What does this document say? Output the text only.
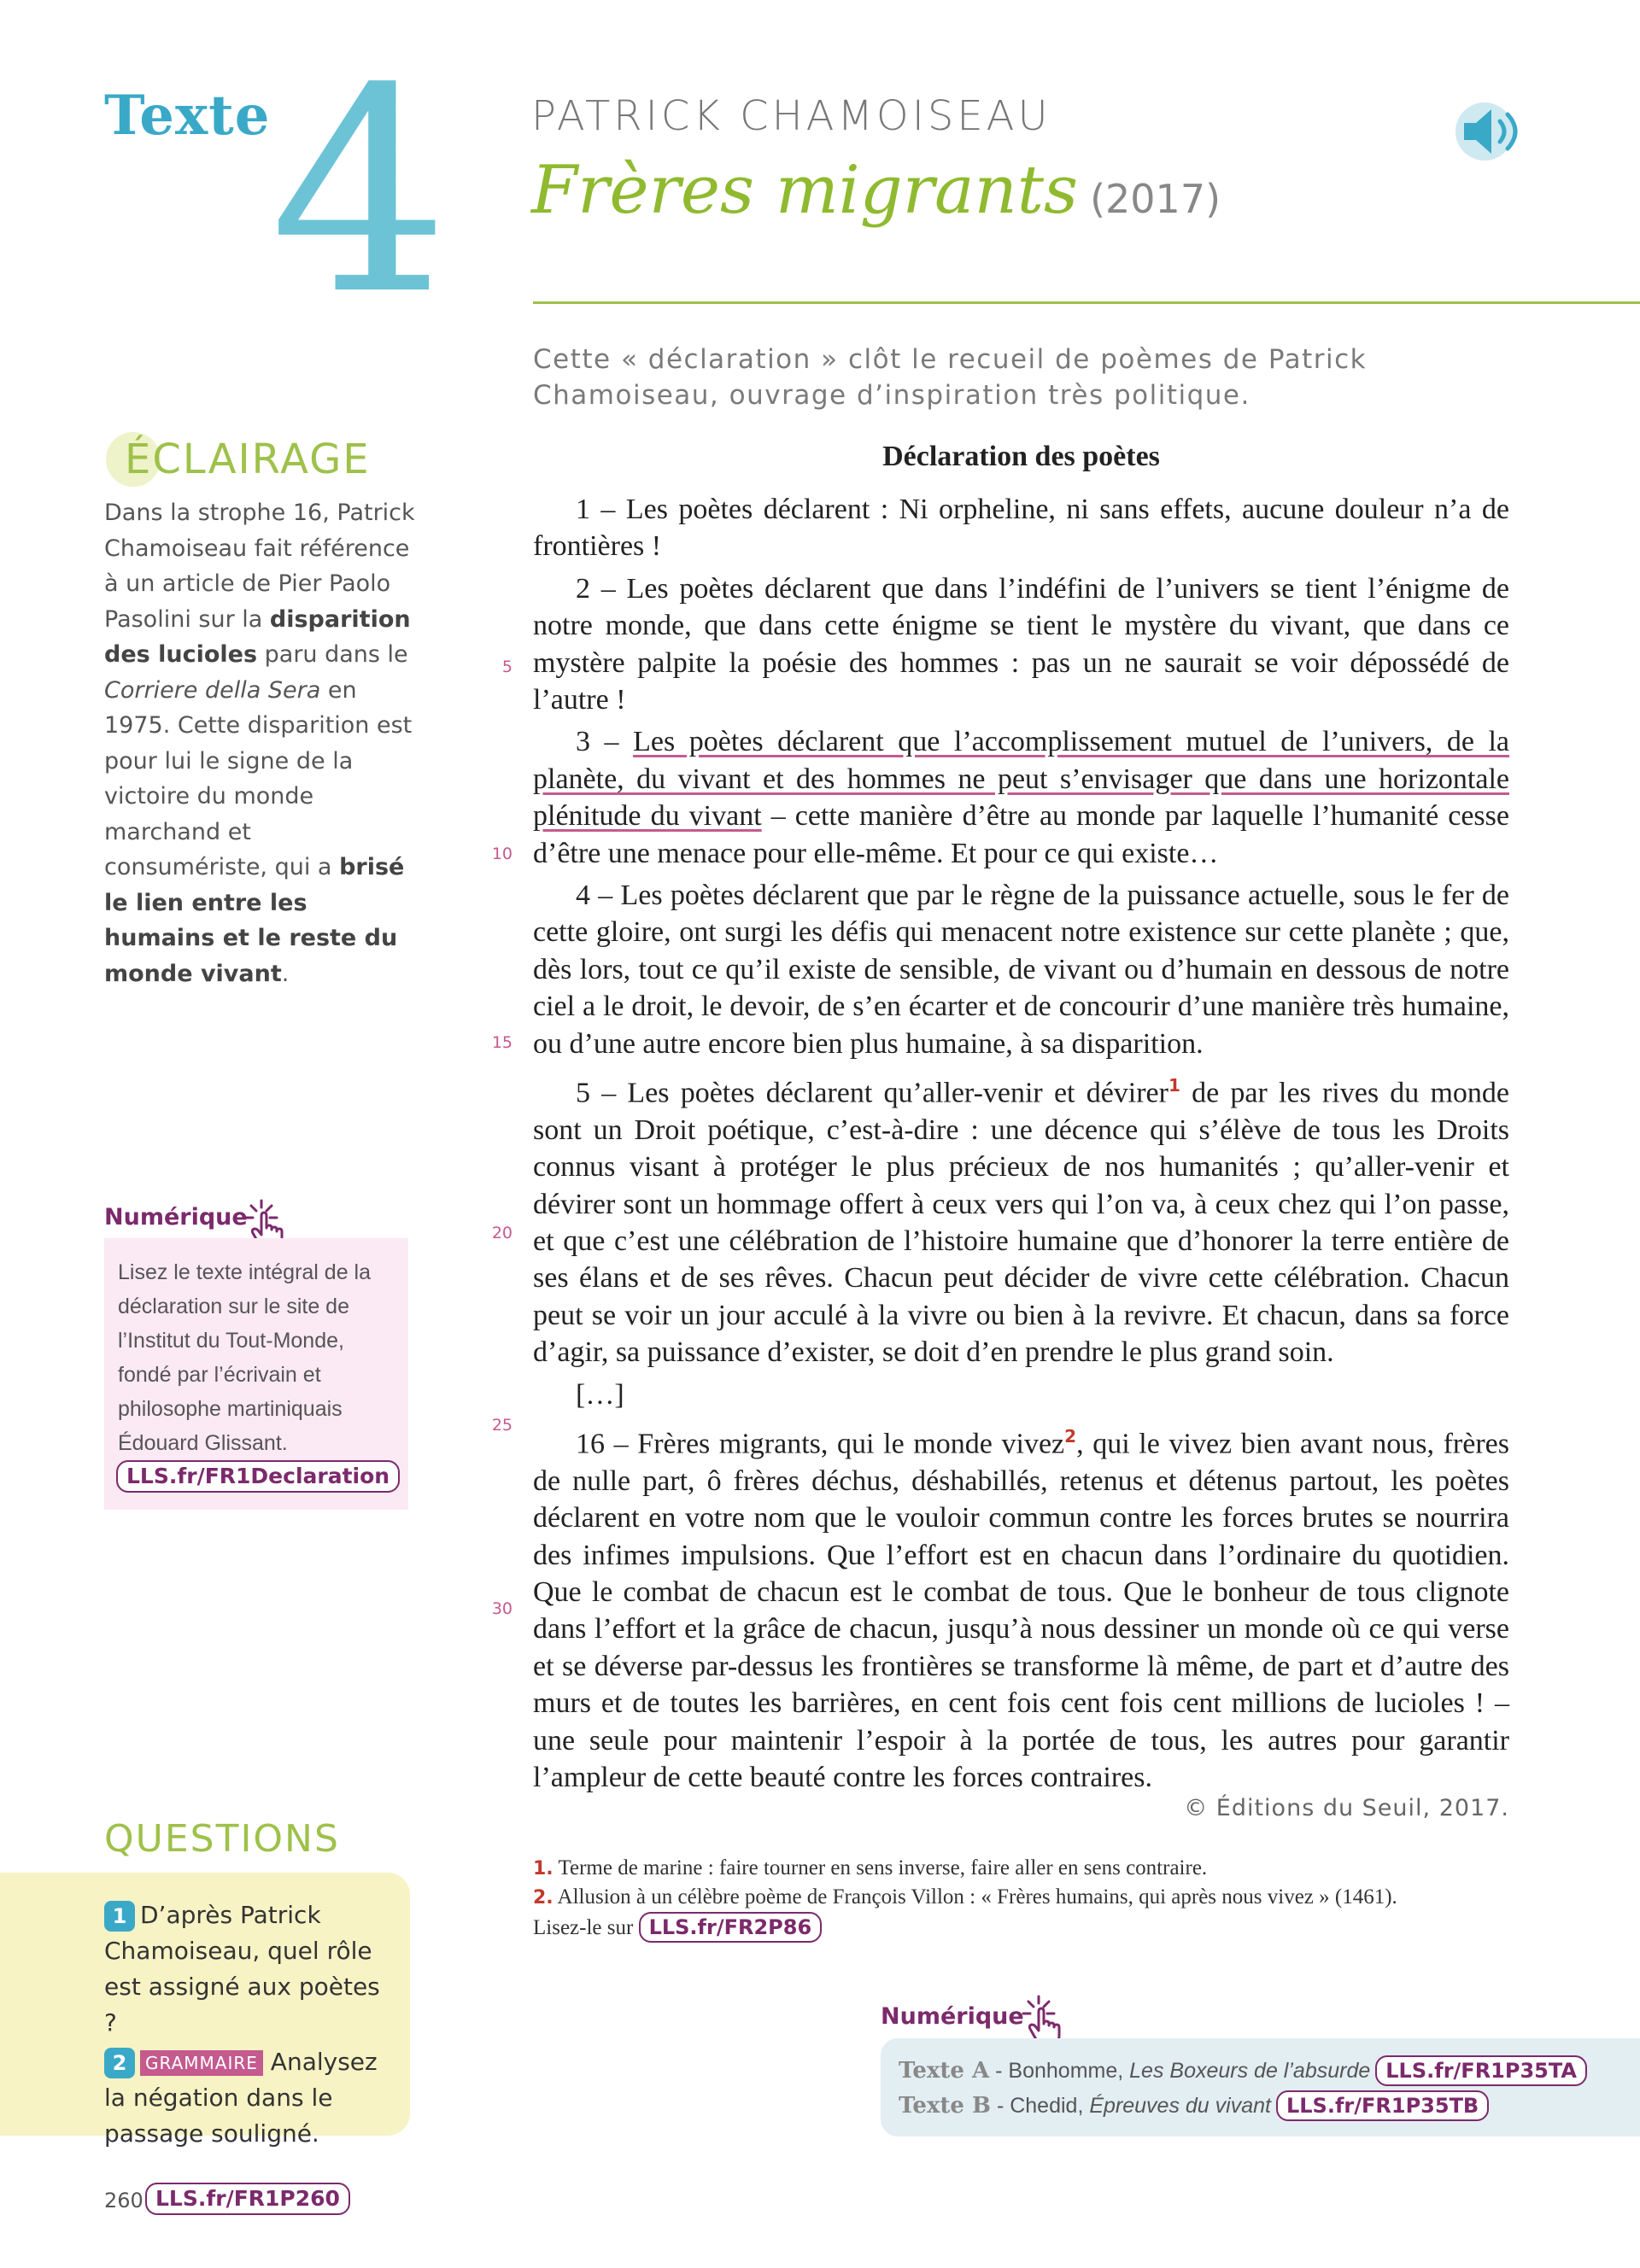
Texte 4 PATRICK CHAMOISEAU
Frères migrants (2017)
Cette « déclaration » clôt le recueil de poèmes de Patrick Chamoiseau, ouvrage d’inspiration très politique.
ÉCLAIRAGE
Dans la strophe 16, Patrick Chamoiseau fait référence à un article de Pier Paolo Pasolini sur la disparition des lucioles paru dans le Corriere della Sera en 1975. Cette disparition est pour lui le signe de la victoire du monde marchand et consumériste, qui a brisé le lien entre les humains et le reste du monde vivant.
Numérique
Lisez le texte intégral de la déclaration sur le site de l’Institut du Tout-Monde, fondé par l’écrivain et philosophe martiniquais Édouard Glissant.
LLS.fr/FR1Declaration
QUESTIONS
1 D’après Patrick Chamoiseau, quel rôle est assigné aux poètes ?
2 GRAMMAIRE Analysez la négation dans le passage souligné.
Déclaration des poètes

1 – Les poètes déclarent : Ni orpheline, ni sans effets, aucune douleur n’a de frontières !

2 – Les poètes déclarent que dans l’indéfini de l’univers se tient l’énigme de notre monde, que dans cette énigme se tient le mystère du vivant, que dans ce mystère palpite la poésie des hommes : pas un ne saurait se voir dépossédé de l’autre !

3 – Les poètes déclarent que l’accomplissement mutuel de l’univers, de la planète, du vivant et des hommes ne peut s’envisager que dans une horizontale plénitude du vivant – cette manière d’être au monde par laquelle l’humanité cesse d’être une menace pour elle-même. Et pour ce qui existe…

4 – Les poètes déclarent que par le règne de la puissance actuelle, sous le fer de cette gloire, ont surgi les défis qui menacent notre existence sur cette planète ; que, dès lors, tout ce qu’il existe de sensible, de vivant ou d’humain en dessous de notre ciel a le droit, le devoir, de s’en écarter et de concourir d’une manière très humaine, ou d’une autre encore bien plus humaine, à sa disparition.

5 – Les poètes déclarent qu’aller-venir et dévirer$^1$ de par les rives du monde sont un Droit poétique, c’est-à-dire : une décence qui s’élève de tous les Droits connus visant à protéger le plus précieux de nos humanités ; qu’aller-venir et dévirer sont un hommage offert à ceux vers qui l’on va, à ceux chez qui l’on passe, et que c’est une célébration de l’histoire humaine que d’honorer la terre entière de ses élans et de ses rêves. Chacun peut décider de vivre cette célébration. Chacun peut se voir un jour acculé à la vivre ou bien à la revivre. Et chacun, dans sa force d’agir, sa puissance d’exister, se doit d’en prendre le plus grand soin.

[…]

16 – Frères migrants, qui le monde vivez$^2$, qui le vivez bien avant nous, frères de nulle part, ô frères déchus, déshabillés, retenus et détenus partout, les poètes déclarent en votre nom que le vouloir commun contre les forces brutes se nourrira des infimes impulsions. Que l’effort est en chacun dans l’ordinaire du quotidien. Que le combat de chacun est le combat de tous. Que le bonheur de tous clignote dans l’effort et la grâce de chacun, jusqu’à nous dessiner un monde où ce qui verse et se déverse par-dessus les frontières se transforme là même, de part et d’autre des murs et de toutes les barrières, en cent fois cent fois cent millions de lucioles ! – une seule pour maintenir l’espoir à la portée de tous, les autres pour garantir l’ampleur de cette beauté contre les forces contraires.

5
10
15
20
25
30
© Éditions du Seuil, 2017.
1. Terme de marine : faire tourner en sens inverse, faire aller en sens contraire.
2. Allusion à un célèbre poème de François Villon : « Frères humains, qui après nous vivez » (1461).
Lisez-le sur LLS.fr/FR2P86
Numérique
Texte A - Bonhomme, Les Boxeurs de l’absurde LLS.fr/FR1P35TA
Texte B - Chedid, Épreuves du vivant LLS.fr/FR1P35TB
260 LLS.fr/FR1P260
